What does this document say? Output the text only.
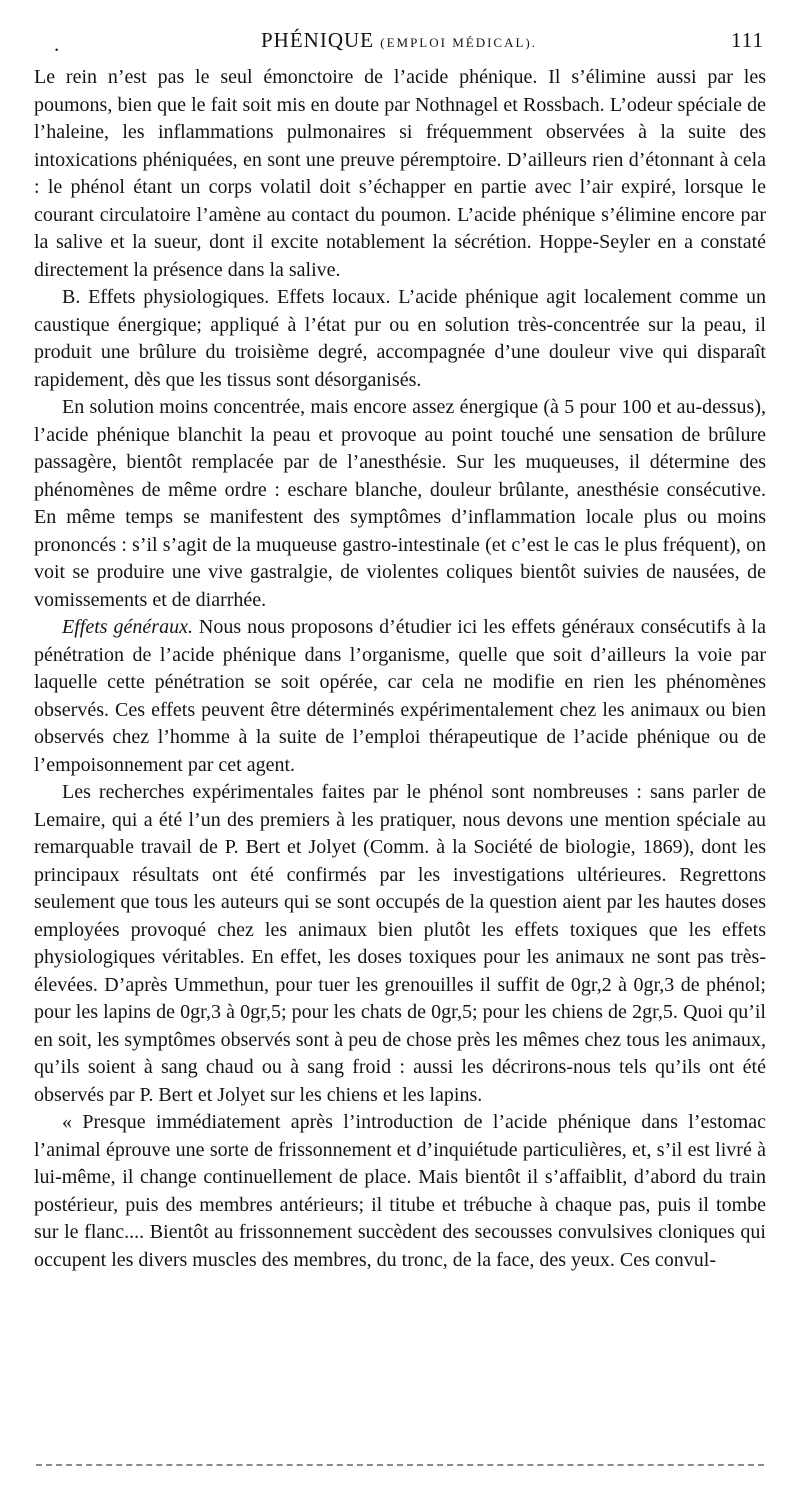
.	PHÉNIQUE (EMPLOI MÉDICAL).	111

Le rein n’est pas le seul émonctoire de l’acide phénique. Il s’élimine aussi par les poumons, bien que le fait soit mis en doute par Nothnagel et Rossbach. L’odeur spéciale de l’haleine, les inflammations pulmonaires si fréquemment observées à la suite des intoxications phéniquées, en sont une preuve péremptoire. D’ailleurs rien d’étonnant à cela : le phénol étant un corps volatil doit s’échapper en partie avec l’air expiré, lorsque le courant circulatoire l’amène au contact du poumon. L’acide phénique s’élimine encore par la salive et la sueur, dont il excite notablement la sécrétion. Hoppe-Seyler en a constaté directement la présence dans la salive.

B. Effets physiologiques. Effets locaux. L’acide phénique agit localement comme un caustique énergique; appliqué à l’état pur ou en solution très-concentrée sur la peau, il produit une brûlure du troisième degré, accompagnée d’une douleur vive qui disparaît rapidement, dès que les tissus sont désorganisés.

En solution moins concentrée, mais encore assez énergique (à 5 pour 100 et au-dessus), l’acide phénique blanchit la peau et provoque au point touché une sensation de brûlure passagère, bientôt remplacée par de l’anesthésie. Sur les muqueuses, il détermine des phénomènes de même ordre : eschare blanche, douleur brûlante, anesthésie consécutive. En même temps se manifestent des symptômes d’inflammation locale plus ou moins prononcés : s’il s’agit de la muqueuse gastro-intestinale (et c’est le cas le plus fréquent), on voit se produire une vive gastralgie, de violentes coliques bientôt suivies de nausées, de vomissements et de diarrhée.

Effets généraux. Nous nous proposons d’étudier ici les effets généraux consécutifs à la pénétration de l’acide phénique dans l’organisme, quelle que soit d’ailleurs la voie par laquelle cette pénétration se soit opérée, car cela ne modifie en rien les phénomènes observés. Ces effets peuvent être déterminés expérimentalement chez les animaux ou bien observés chez l’homme à la suite de l’emploi thérapeutique de l’acide phénique ou de l’empoisonnement par cet agent.

Les recherches expérimentales faites par le phénol sont nombreuses : sans parler de Lemaire, qui a été l’un des premiers à les pratiquer, nous devons une mention spéciale au remarquable travail de P. Bert et Jolyet (Comm. à la Société de biologie, 1869), dont les principaux résultats ont été confirmés par les investigations ultérieures. Regrettons seulement que tous les auteurs qui se sont occupés de la question aient par les hautes doses employées provoqué chez les animaux bien plutôt les effets toxiques que les effets physiologiques véritables. En effet, les doses toxiques pour les animaux ne sont pas très-élevées. D’après Ummethun, pour tuer les grenouilles il suffit de 0gr,2 à 0gr,3 de phénol; pour les lapins de 0gr,3 à 0gr,5; pour les chats de 0gr,5; pour les chiens de 2gr,5. Quoi qu’il en soit, les symptômes observés sont à peu de chose près les mêmes chez tous les animaux, qu’ils soient à sang chaud ou à sang froid : aussi les décrirons-nous tels qu’ils ont été observés par P. Bert et Jolyet sur les chiens et les lapins.

« Presque immédiatement après l’introduction de l’acide phénique dans l’estomac l’animal éprouve une sorte de frissonnement et d’inquiétude particulières, et, s’il est livré à lui-même, il change continuellement de place. Mais bientôt il s’affaiblit, d’abord du train postérieur, puis des membres antérieurs; il titube et trébuche à chaque pas, puis il tombe sur le flanc.... Bientôt au frissonnement succèdent des secousses convulsives cloniques qui occupent les divers muscles des membres, du tronc, de la face, des yeux. Ces convul-
